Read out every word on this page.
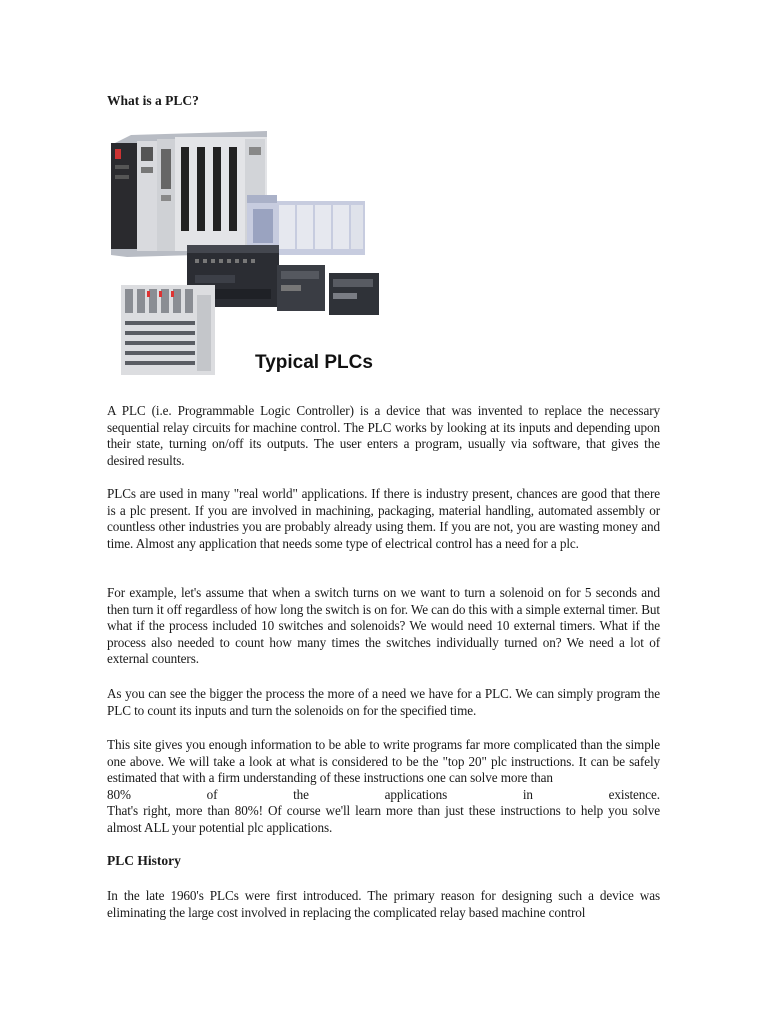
What is a PLC?
Typical PLCs

A PLC (i.e. Programmable Logic Controller) is a device that was invented to replace the necessary sequential relay circuits for machine control. The PLC works by looking at its inputs and depending upon their state, turning on/off its outputs. The user enters a program, usually via software, that gives the desired results.

PLCs are used in many "real world" applications. If there is industry present, chances are good that there is a plc present. If you are involved in machining, packaging, material handling, automated assembly or countless other industries you are probably already using them. If you are not, you are wasting money and time. Almost any application that needs some type of electrical control has a need for a plc.

For example, let's assume that when a switch turns on we want to turn a solenoid on for 5 seconds and then turn it off regardless of how long the switch is on for. We can do this with a simple external timer. But what if the process included 10 switches and solenoids? We would need 10 external timers. What if the process also needed to count how many times the switches individually turned on? We need a lot of external counters.

As you can see the bigger the process the more of a need we have for a PLC. We can simply program the PLC to count its inputs and turn the solenoids on for the specified time.

This site gives you enough information to be able to write programs far more complicated than the simple one above. We will take a look at what is considered to be the "top 20" plc instructions. It can be safely estimated that with a firm understanding of these instructions one can solve more than
80% of the applications in existence.
That's right, more than 80%! Of course we'll learn more than just these instructions to help you solve almost ALL your potential plc applications.
PLC History

In the late 1960's PLCs were first introduced. The primary reason for designing such a device was eliminating the large cost involved in replacing the complicated relay based machine control
